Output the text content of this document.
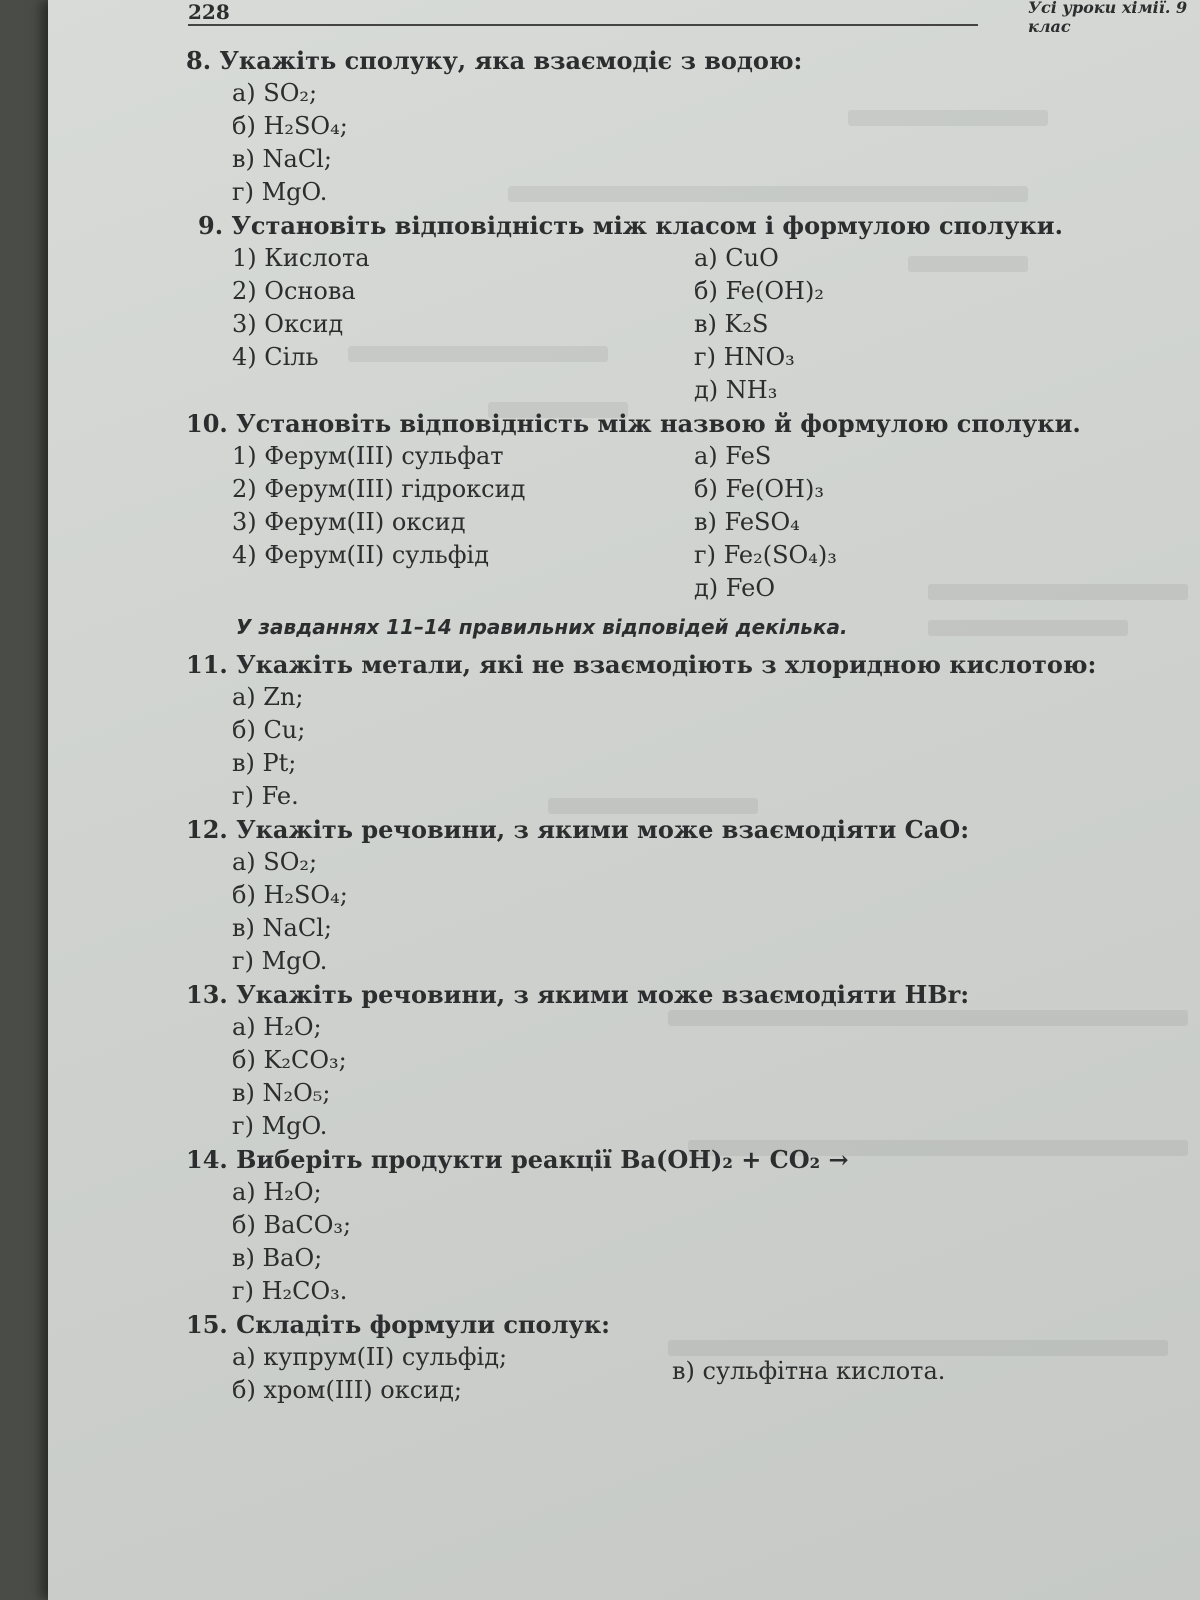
228	Усі уроки хімії. 9 клас
8. Укажіть сполуку, яка взаємодіє з водою:
а) SO₂;
б) H₂SO₄;
в) NaCl;
г) MgO.
9. Установіть відповідність між класом і формулою сполуки.
1) Кислота
2) Основа
3) Оксид
4) Сіль
а) CuO
б) Fe(OH)₂
в) K₂S
г) HNO₃
д) NH₃
10. Установіть відповідність між назвою й формулою сполуки.
1) Ферум(III) сульфат
2) Ферум(III) гідроксид
3) Ферум(II) оксид
4) Ферум(II) сульфід
а) FeS
б) Fe(OH)₃
в) FeSO₄
г) Fe₂(SO₄)₃
д) FeO
У завданнях 11–14 правильних відповідей декілька.
11. Укажіть метали, які не взаємодіють з хлоридною кислотою:
а) Zn;
б) Cu;
в) Pt;
г) Fe.
12. Укажіть речовини, з якими може взаємодіяти CaO:
а) SO₂;
б) H₂SO₄;
в) NaCl;
г) MgO.
13. Укажіть речовини, з якими може взаємодіяти HBr:
а) H₂O;
б) K₂CO₃;
в) N₂O₅;
г) MgO.
14. Виберіть продукти реакції Ba(OH)₂ + CO₂ →
а) H₂O;
б) BaCO₃;
в) BaO;
г) H₂CO₃.
15. Складіть формули сполук:
а) купрум(II) сульфід;
б) хром(III) оксид;
в) сульфітна кислота.
